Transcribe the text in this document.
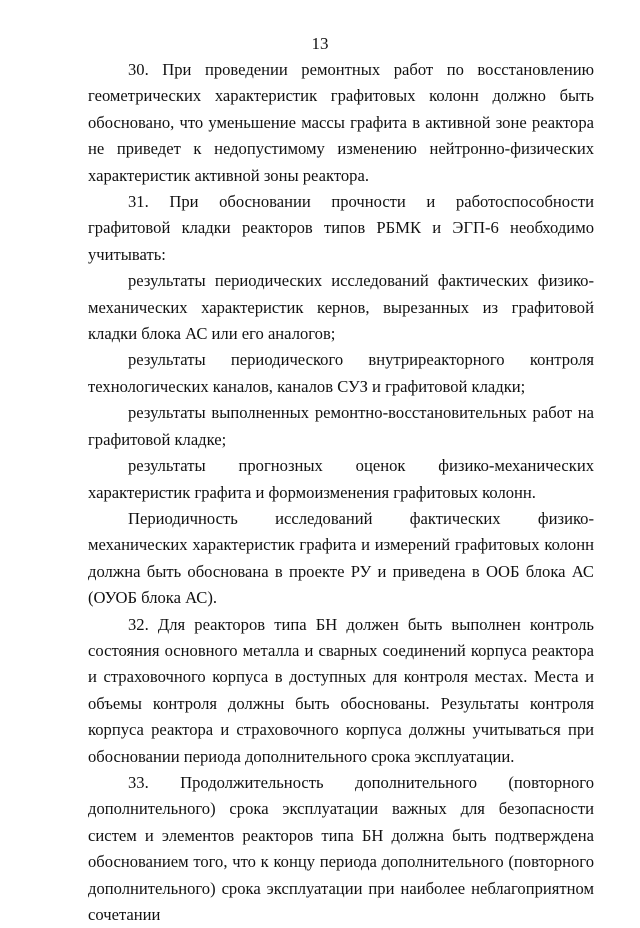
13

30. При проведении ремонтных работ по восстановлению геометрических характеристик графитовых колонн должно быть обосновано, что уменьшение массы графита в активной зоне реактора не приведет к недопустимому изменению нейтронно-физических характеристик активной зоны реактора.

31. При обосновании прочности и работоспособности графитовой кладки реакторов типов РБМК и ЭГП-6 необходимо учитывать:

результаты периодических исследований фактических физико-механических характеристик кернов, вырезанных из графитовой кладки блока АС или его аналогов;

результаты периодического внутриреакторного контроля технологических каналов, каналов СУЗ и графитовой кладки;

результаты выполненных ремонтно-восстановительных работ на графитовой кладке;

результаты прогнозных оценок физико-механических характеристик графита и формоизменения графитовых колонн.

Периодичность исследований фактических физико-механических характеристик графита и измерений графитовых колонн должна быть обоснована в проекте РУ и приведена в ООБ блока АС (ОУОБ блока АС).

32. Для реакторов типа БН должен быть выполнен контроль состояния основного металла и сварных соединений корпуса реактора и страховочного корпуса в доступных для контроля местах. Места и объемы контроля должны быть обоснованы. Результаты контроля корпуса реактора и страховочного корпуса должны учитываться при обосновании периода дополнительного срока эксплуатации.

33. Продолжительность дополнительного (повторного дополнительного) срока эксплуатации важных для безопасности систем и элементов реакторов типа БН должна быть подтверждена обоснованием того, что к концу периода дополнительного (повторного дополнительного) срока эксплуатации при наиболее неблагоприятном сочетании
